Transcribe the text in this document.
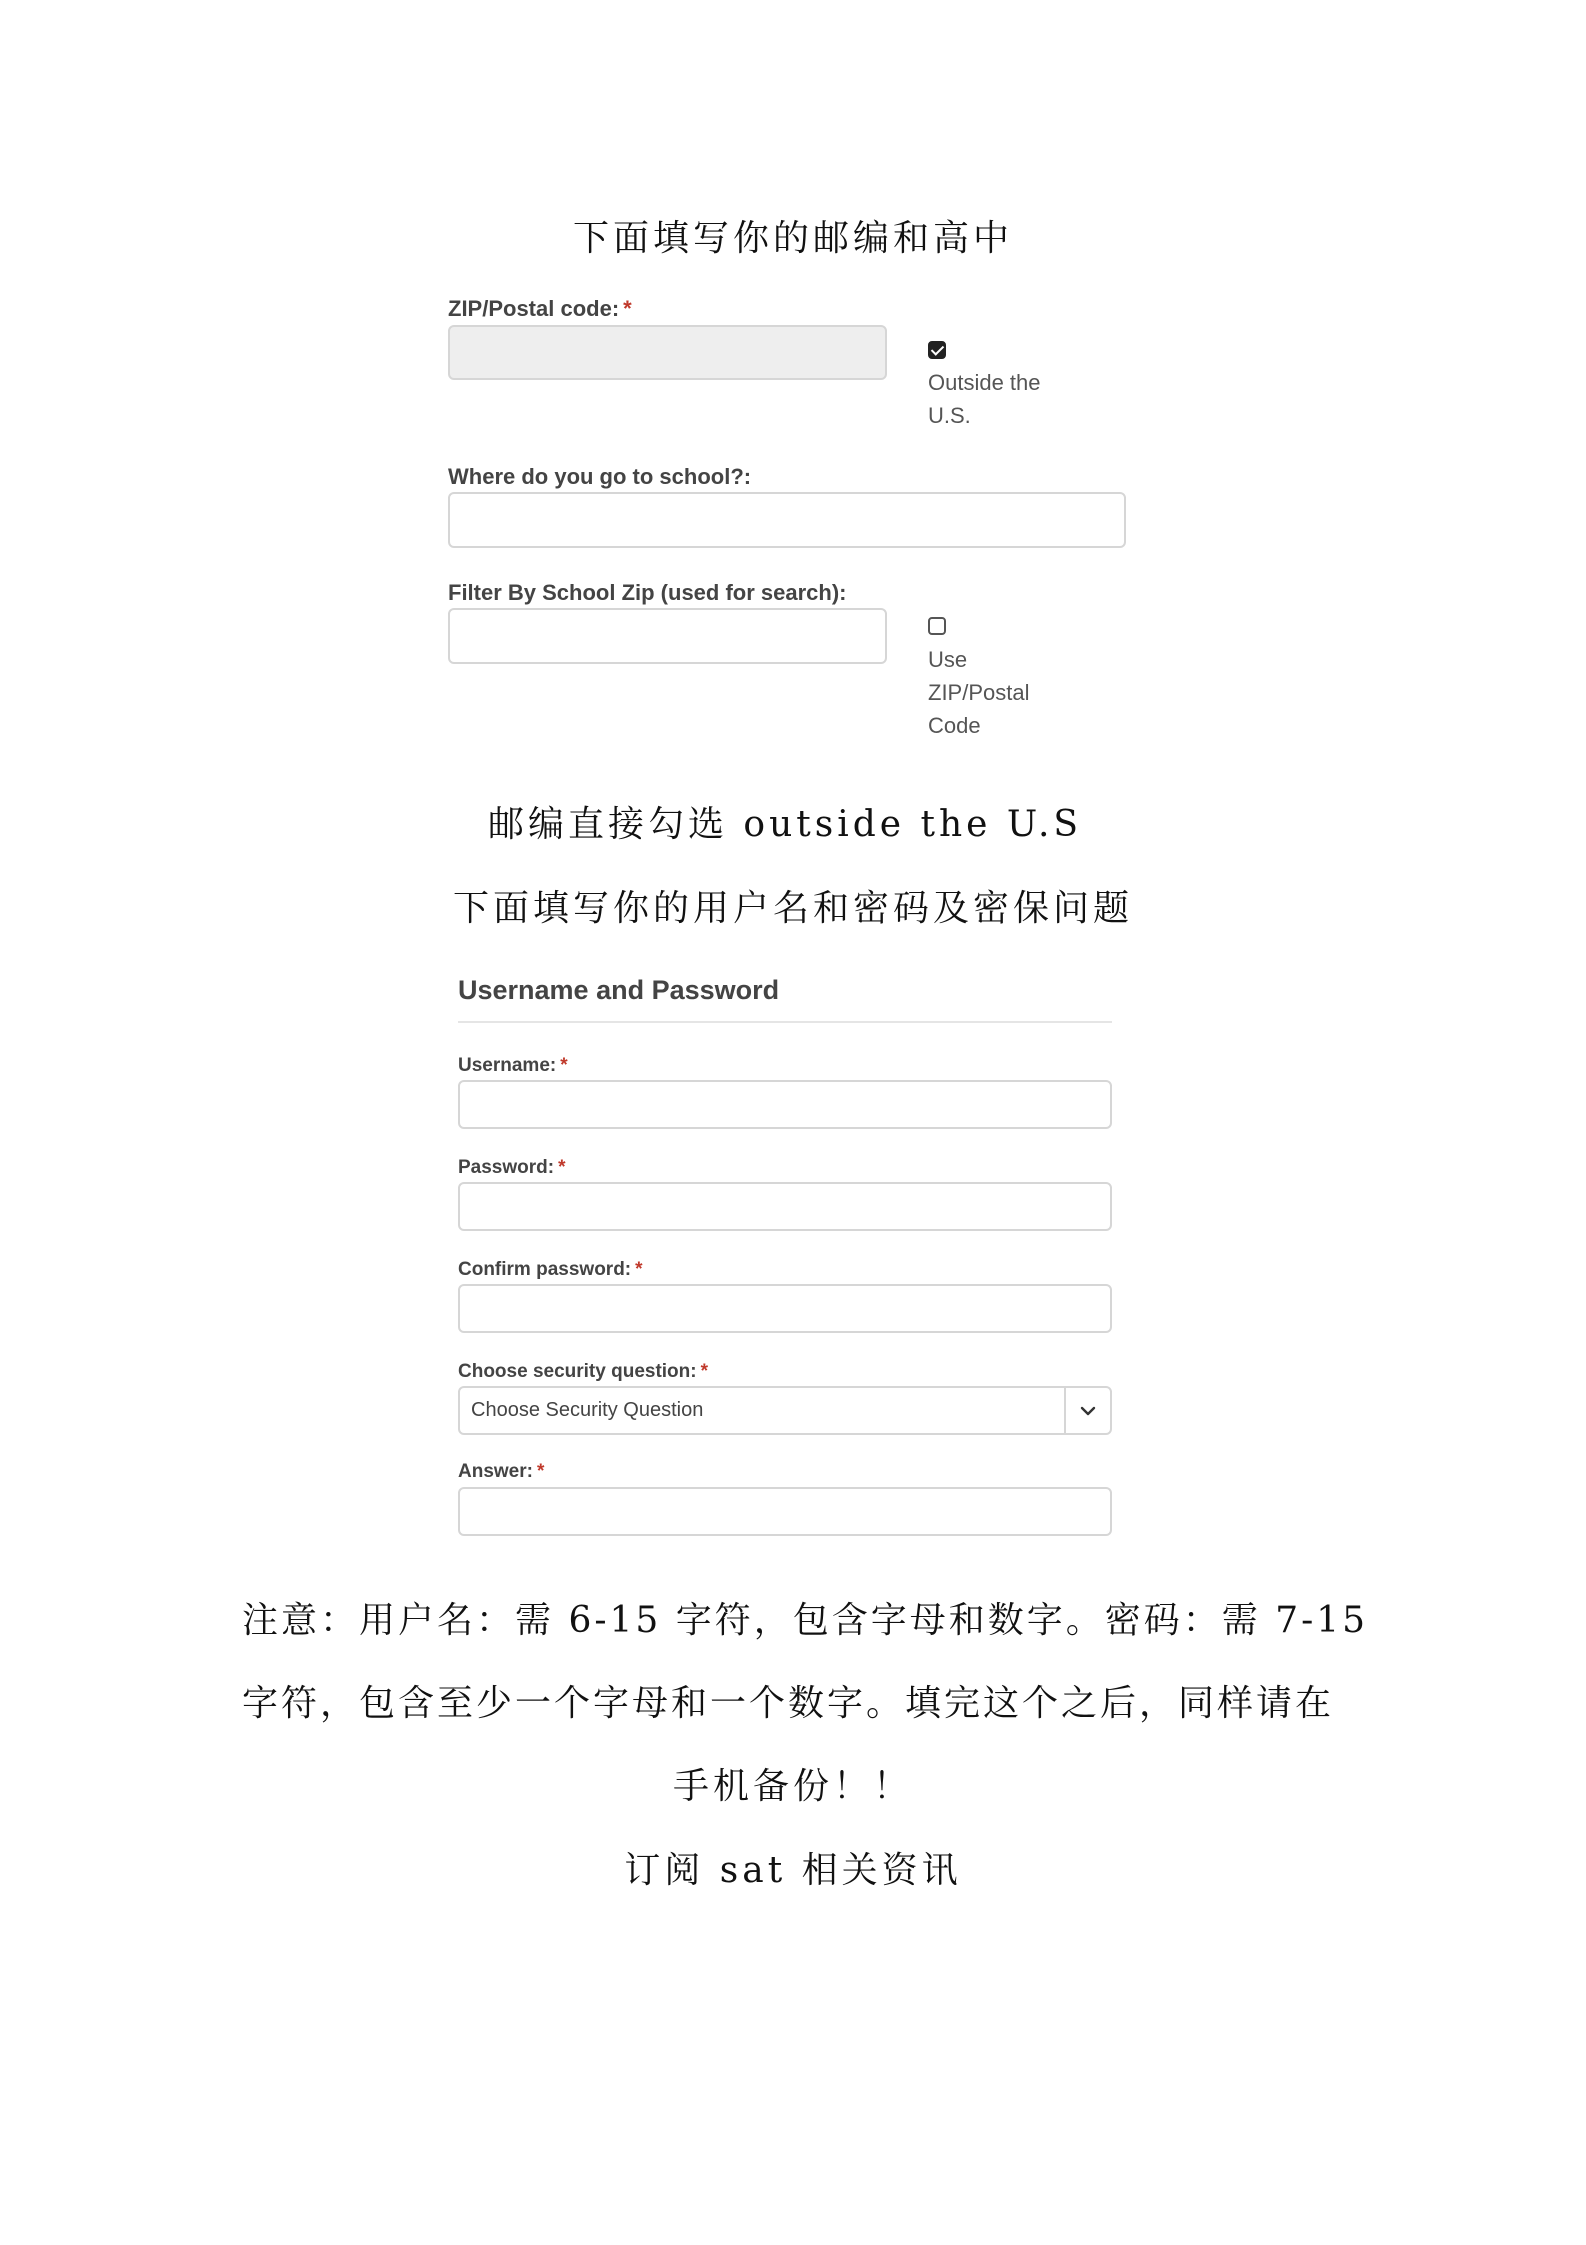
下面填写你的邮编和高中
ZIP/Postal code: *
Outside the
U.S.
Where do you go to school?:
Filter By School Zip (used for search):
Use
ZIP/Postal
Code
邮编直接勾选 outside the U.S
下面填写你的用户名和密码及密保问题
Username and Password
Username: *
Password: *
Confirm password: *
Choose security question: *
Choose Security Question
Answer: *
注意：用户名：需 6-15 字符，包含字母和数字。密码：需 7-15
字符，包含至少一个字母和一个数字。填完这个之后，同样请在
手机备份！！
订阅 sat 相关资讯
